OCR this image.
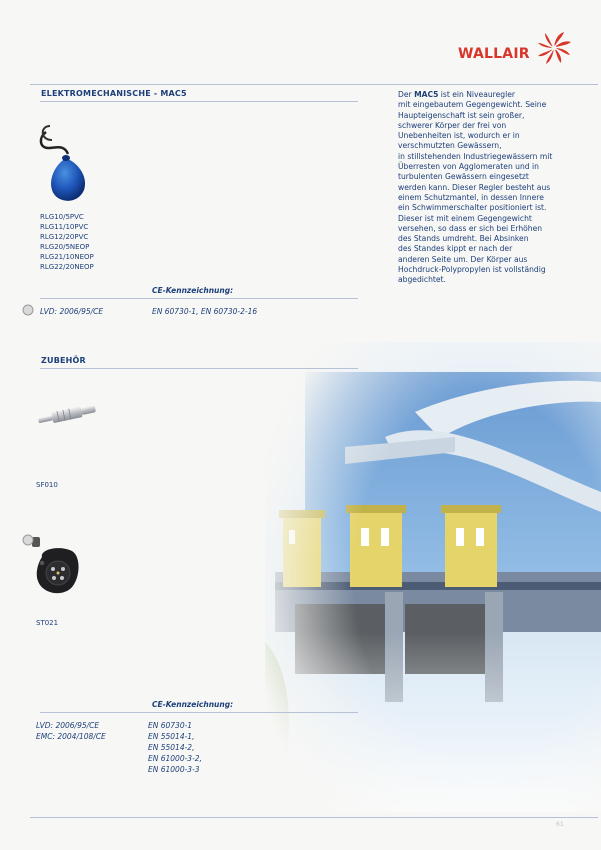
WALLAIR
ELEKTROMECHANISCHE - MAC5
RLG10/5PVC
RLG11/10PVC
RLG12/20PVC
RLG20/5NEOP
RLG21/10NEOP
RLG22/20NEOP
CE-Kennzeichnung:
LVD: 2006/95/CE	EN 60730-1, EN 60730-2-16
Der MAC5 ist ein Niveauregler
mit eingebautem Gegengewicht. Seine
Haupteigenschaft ist sein großer,
schwerer Körper der frei von
Unebenheiten ist, wodurch er in
verschmutzten Gewässern,
in stillstehenden Industriegewässern mit
Überresten von Agglomeraten und in
turbulenten Gewässern eingesetzt
werden kann. Dieser Regler besteht aus
einem Schutzmantel, in dessen Innere
ein Schwimmerschalter positioniert ist.
Dieser ist mit einem Gegengewicht
versehen, so dass er sich bei Erhöhen
des Stands umdreht. Bei Absinken
des Standes kippt er nach der
anderen Seite um. Der Körper aus
Hochdruck-Polypropylen ist vollständig
abgedichtet.
ZUBEHÖR
SF010
ST021
CE-Kennzeichnung:
LVD: 2006/95/CE
EMC: 2004/108/CE
EN 60730-1
EN 55014-1,
EN 55014-2,
EN 61000-3-2,
EN 61000-3-3
61
